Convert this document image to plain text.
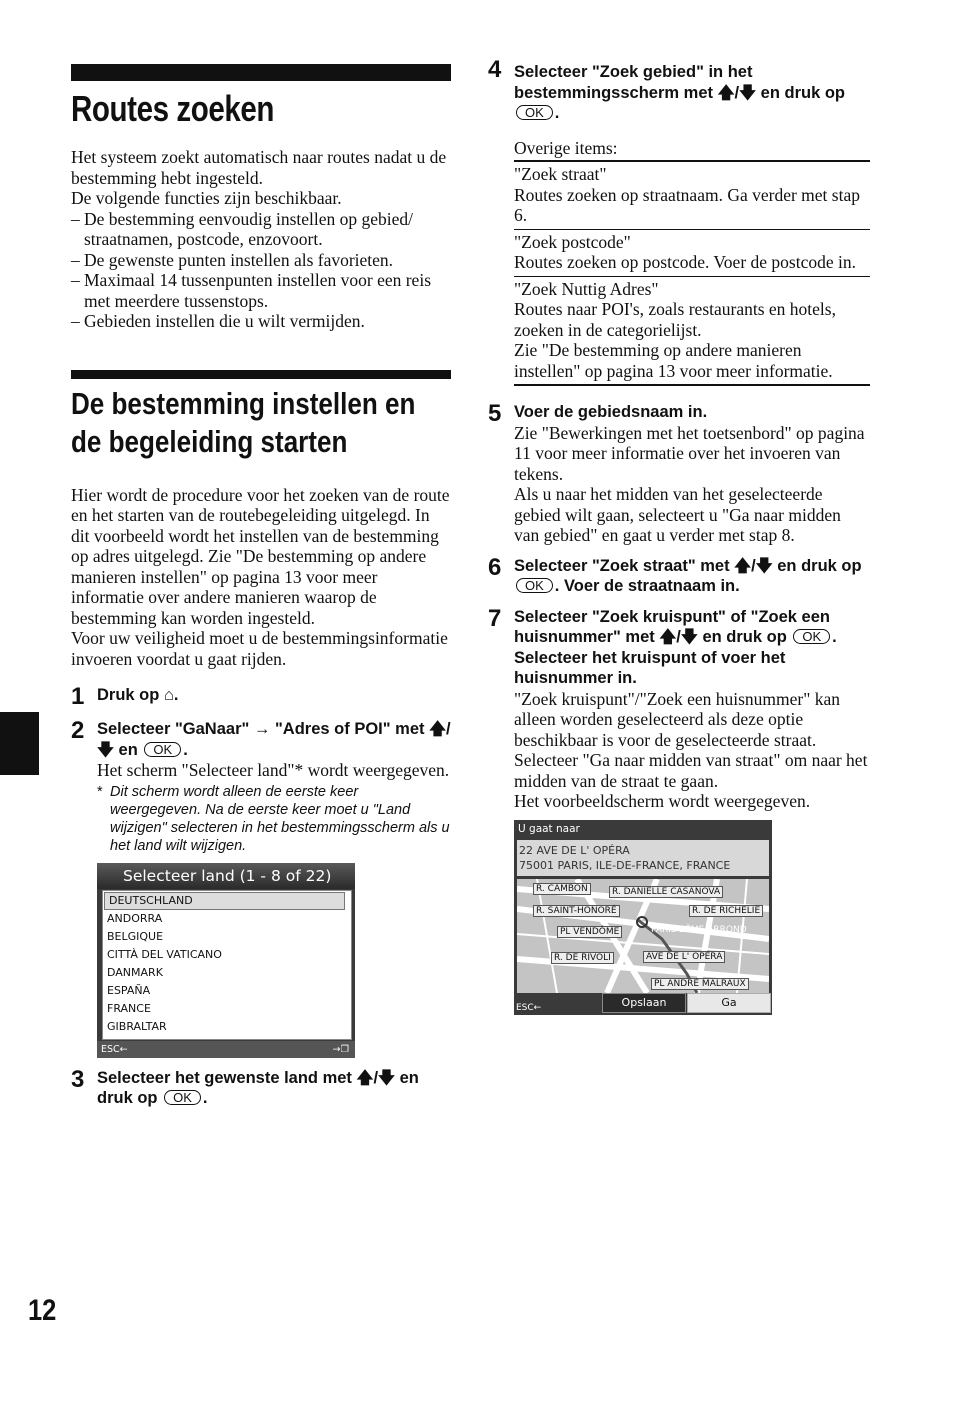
Routes zoeken

Het systeem zoekt automatisch naar routes nadat u de bestemming hebt ingesteld.

De volgende functies zijn beschikbaar.

– De bestemming eenvoudig instellen op gebied/ straatnamen, postcode, enzovoort.
– De gewenste punten instellen als favorieten.
– Maximaal 14 tussenpunten instellen voor een reis met meerdere tussenstops.
– Gebieden instellen die u wilt vermijden.
De bestemming instellen en
de begeleiding starten

Hier wordt de procedure voor het zoeken van de route en het starten van de routebegeleiding uitgelegd. In dit voorbeeld wordt het instellen van de bestemming op adres uitgelegd. Zie "De bestemming op andere manieren instellen" op pagina 13 voor meer informatie over andere manieren waarop de bestemming kan worden ingesteld.

Voor uw veiligheid moet u de bestemmingsinformatie invoeren voordat u gaat rijden.

1 Druk op ⌂.
2 Selecteer "GaNaar" → "Adres of POI" met 🡅/🡇 en OK .

Het scherm "Selecteer land"* wordt weergegeven.

* Dit scherm wordt alleen de eerste keer weergegeven. Na de eerste keer moet u "Land wijzigen" selecteren in het bestemmingsscherm als u het land wilt wijzigen.
Selecteer land (1 - 8 of 22)
DEUTSCHLAND
ANDORRA
BELGIQUE
CITTÀ DEL VATICANO
DANMARK
ESPAÑA
FRANCE
GIBRALTAR
ESC←	→❐
3 Selecteer het gewenste land met 🡅/🡇 en druk op OK .
4 Selecteer "Zoek gebied" in het bestemmingsscherm met 🡅/🡇 en druk op OK .
Overige items:

"Zoek straat"

Routes zoeken op straatnaam. Ga verder met stap 6.

"Zoek postcode"

Routes zoeken op postcode. Voer de postcode in.

"Zoek Nuttig Adres"

Routes naar POI's, zoals restaurants en hotels, zoeken in de categorielijst.

Zie "De bestemming op andere manieren instellen" op pagina 13 voor meer informatie.

5 Voer de gebiedsnaam in.

Zie "Bewerkingen met het toetsenbord" op pagina 11 voor meer informatie over het invoeren van tekens.

Als u naar het midden van het geselecteerde gebied wilt gaan, selecteert u "Ga naar midden van gebied" en gaat u verder met stap 8.

6 Selecteer "Zoek straat" met 🡅/🡇 en druk op OK . Voer de straatnaam in.
7 Selecteer "Zoek kruispunt" of "Zoek een huisnummer" met 🡅/🡇 en druk op OK . Selecteer het kruispunt of voer het huisnummer in.

"Zoek kruispunt"/"Zoek een huisnummer" kan alleen worden geselecteerd als deze optie beschikbaar is voor de geselecteerde straat.

Selecteer "Ga naar midden van straat" om naar het midden van de straat te gaan.

Het voorbeeldscherm wordt weergegeven.

U gaat naar
22 AVE DE L' OPÉRA
75001 PARIS, ILE-DE-FRANCE, FRANCE
R. CAMBON	R. DANIELLE CASANOVA
R. SAINT-HONORÉ	R. DE RICHELIE
PL VENDÔME	PARIS 2ÈME ARROND
R. DE RIVOLI	AVE DE L' OPÉRA
PL ANDRÉ MALRAUX
ESC←	Opslaan	Ga
12
